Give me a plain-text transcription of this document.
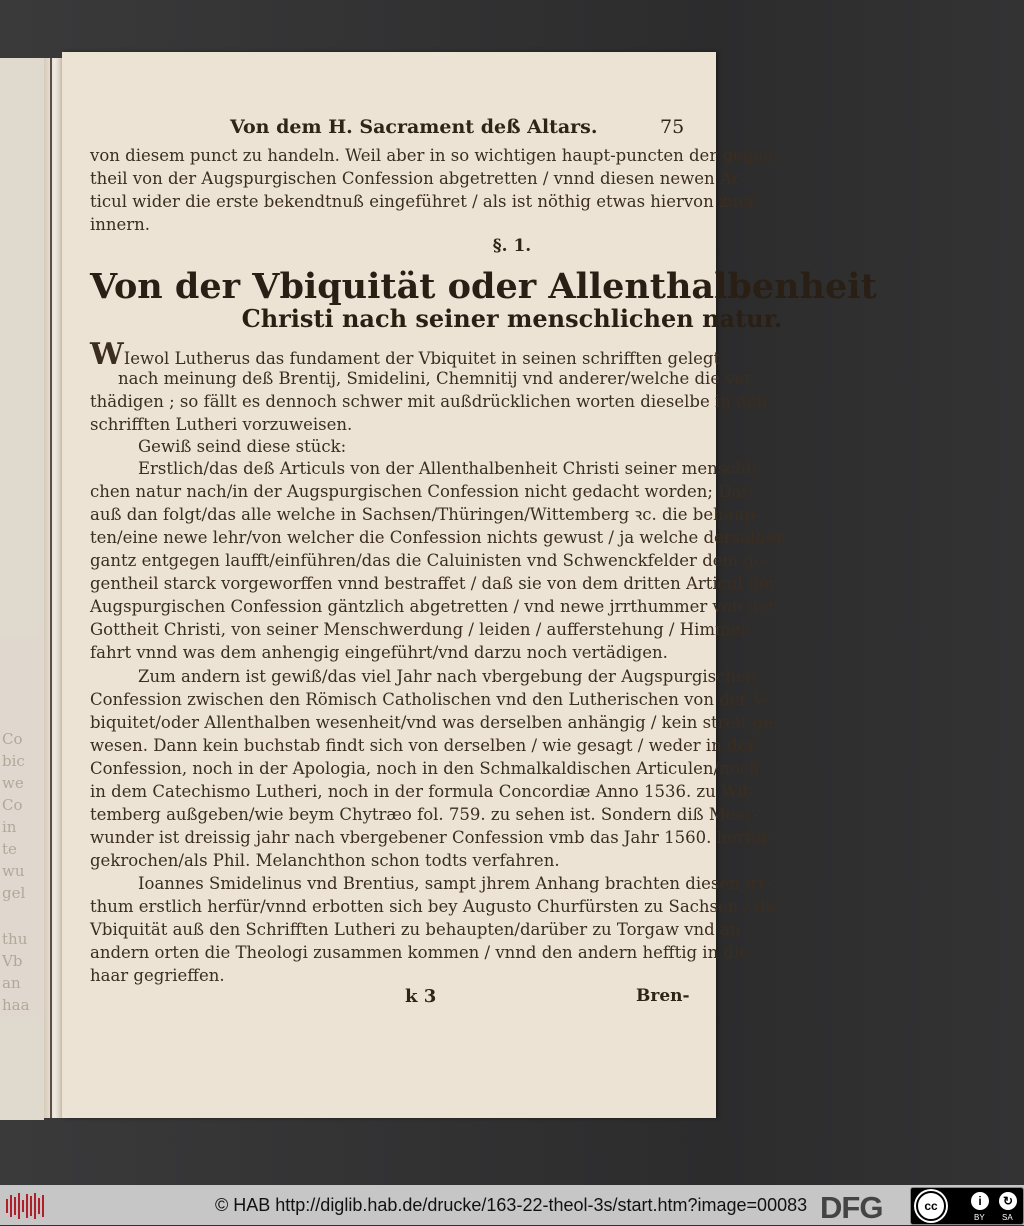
Co
bic
we
Co
in
te
wu
gel
thu
Vb
an
haa
Von dem H. Sacrament deß Altars.	75
von diesem punct zu handeln. Weil aber in so wichtigen haupt-puncten der gegen-
theil von der Augspurgischen Confession abgetretten / vnnd diesen newen Ar-
ticul wider die erste bekendtnuß eingeführet / als ist nöthig etwas hiervon zuer-
innern.
§. 1.
Von der Vbiquität oder Allenthalbenheit
Christi nach seiner menschlichen natur.
WIewol Lutherus das fundament der Vbiquitet in seinen schrifften gelegt
nach meinung deß Brentij, Smidelini, Chemnitij vnd anderer/welche die ver-
thädigen ; so fällt es dennoch schwer mit außdrücklichen worten dieselbe in den
schrifften Lutheri vorzuweisen.
Gewiß seind diese stück:
Erstlich/das deß Articuls von der Allenthalbenheit Christi seiner menschli-
chen natur nach/in der Augspurgischen Confession nicht gedacht worden; Dar-
auß dan folgt/das alle welche in Sachsen/Thüringen/Wittemberg ꝛc. die behaup-
ten/eine newe lehr/von welcher die Confession nichts gewust / ja welche derselben
gantz entgegen laufft/einführen/das die Caluinisten vnd Schwenckfelder dem ge-
gentheil starck vorgeworffen vnnd bestraffet / daß sie von dem dritten Articul der
Augspurgischen Confession gäntzlich abgetretten / vnd newe jrrthummer von der
Gottheit Christi, von seiner Menschwerdung / leiden / aufferstehung / Himmel-
fahrt vnnd was dem anhengig eingeführt/vnd darzu noch vertädigen.
Zum andern ist gewiß/das viel Jahr nach vbergebung der Augspurgischen
Confession zwischen den Römisch Catholischen vnd den Lutherischen von der V-
biquitet/oder Allenthalben wesenheit/vnd was derselben anhängig / kein streit ge-
wesen. Dann kein buchstab findt sich von derselben / wie gesagt / weder in der
Confession, noch in der Apologia, noch in den Schmalkaldischen Articulen/noch
in dem Catechismo Lutheri, noch in der formula Concordiæ Anno 1536. zu Wit-
temberg außgeben/wie beym Chytræo fol. 759. zu sehen ist. Sondern diß Meer-
wunder ist dreissig jahr nach vbergebener Confession vmb das Jahr 1560. herfür
gekrochen/als Phil. Melanchthon schon todts verfahren.
Ioannes Smidelinus vnd Brentius, sampt jhrem Anhang brachten diesen jrr-
thum erstlich herfür/vnnd erbotten sich bey Augusto Churfürsten zu Sachsen / die
Vbiquität auß den Schrifften Lutheri zu behaupten/darüber zu Torgaw vnd an
andern orten die Theologi zusammen kommen / vnnd den andern hefftig in die
haar gegrieffen.
k 3	Bren-
© HAB http://diglib.hab.de/drucke/163-22-theol-3s/start.htm?image=00083 DFG	cc	i	↻
BY SA
